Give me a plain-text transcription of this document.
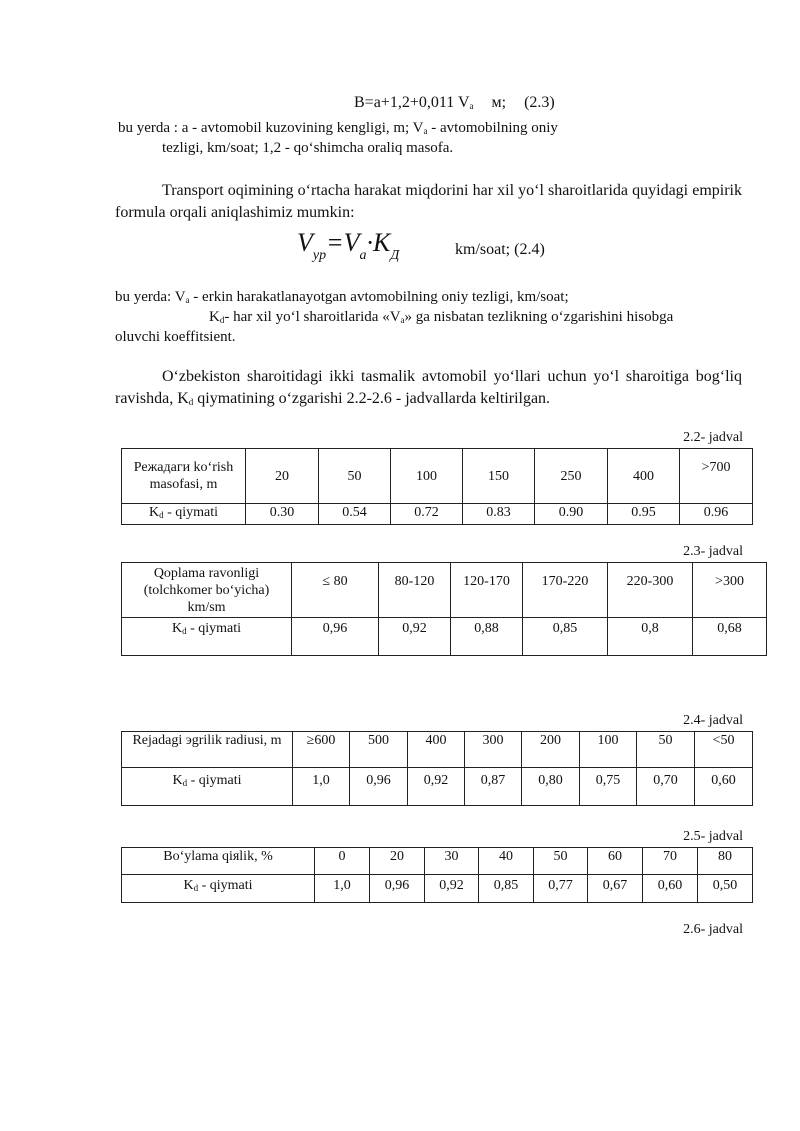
B=a+1,2+0,011 $V_a$ м; (2.3)
bu yerda : a - avtomobil kuzovining kengligi, m; $V_a$ - avtomobilning oniy
tezligi, km/soat; 1,2 - qo‘shimcha oraliq masofa.
Transport oqimining o‘rtacha harakat miqdorini har xil yo‘l sharoitlarida quyidagi empirik formula orqali aniqlashimiz mumkin:
$V_{yp}=V_a\cdot K_Д$	km/soat; (2.4)
bu yerda: $V_a$ - erkin harakatlanayotgan avtomobilning oniy tezligi, km/soat;
$K_d-$ har xil yo‘l sharoitlarida «$V_a$» ga nisbatan tezlikning o‘zgarishini hisobga
oluvchi koeffitsient.
O‘zbekiston sharoitidagi ikki tasmalik avtomobil yo‘llari uchun yo‘l sharoitiga bog‘liq ravishda, $K_d$ qiymatining o‘zgarishi 2.2-2.6 - jadvallarda keltirilgan.
2.2- jadval
Режадаги ko‘rish masofasi, m	20	50	100	150	250	400	>700
$K_d$ - qiymati	0.30	0.54	0.72	0.83	0.90	0.95	0.96
2.3- jadval
Qoplama ravonligi (tolchkomer bo‘yicha) km/sm	≤ 80	80-120	120-170	170-220	220-300	>300
$K_d$ - qiymati	0,96	0,92	0,88	0,85	0,8	0,68
2.4- jadval
Rejadagi эgrilik radiusi, m	≥600	500	400	300	200	100	50	<50
$K_d$ - qiymati	1,0	0,96	0,92	0,87	0,80	0,75	0,70	0,60
2.5- jadval
Bo‘ylama qiяlik, %	0	20	30	40	50	60	70	80
$K_d$ - qiymati	1,0	0,96	0,92	0,85	0,77	0,67	0,60	0,50
2.6- jadval
